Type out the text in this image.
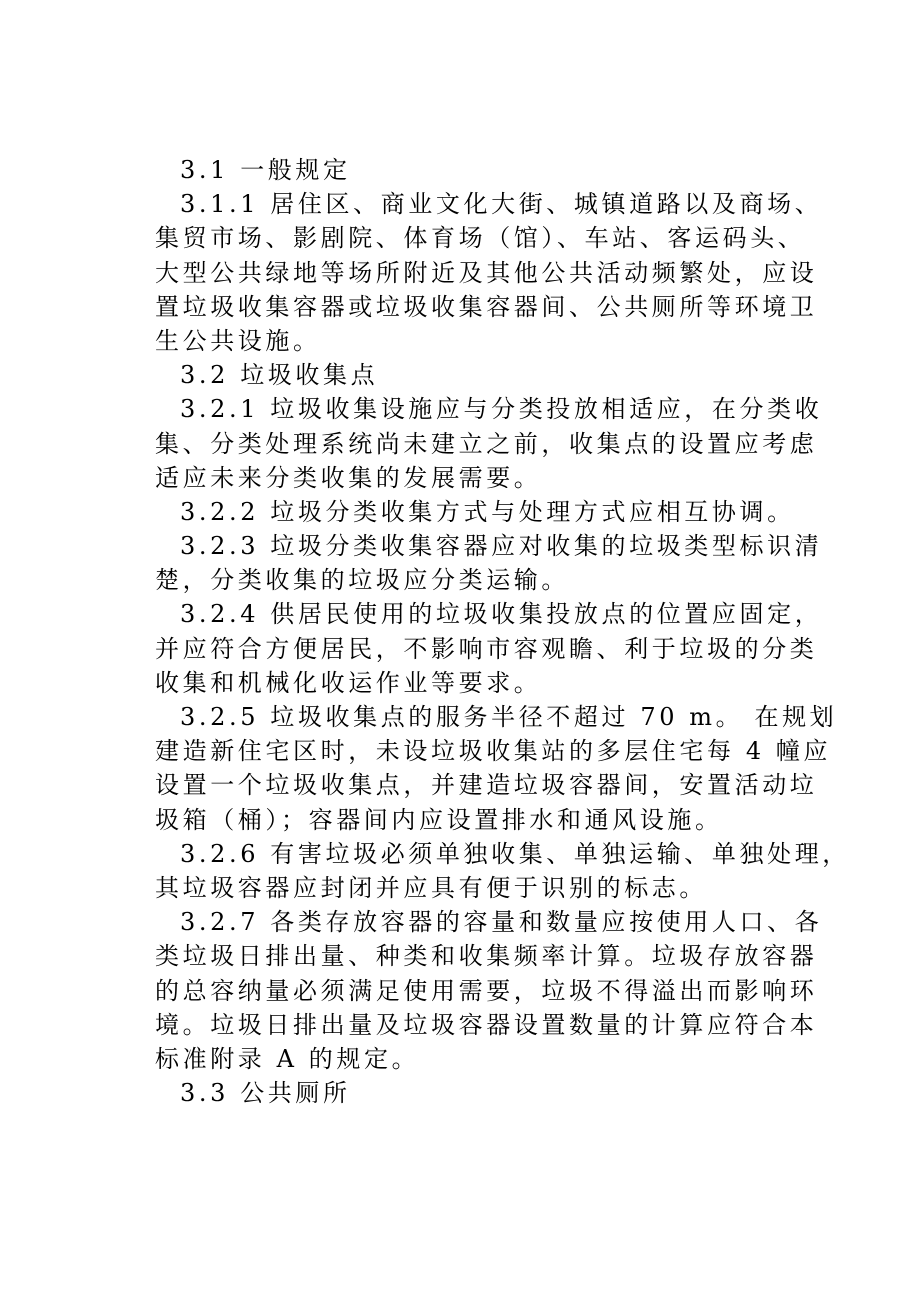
3.1 一般规定
3.1.1 居住区、商业文化大街、城镇道路以及商场、
集贸市场、影剧院、体育场（馆）、车站、客运码头、
大型公共绿地等场所附近及其他公共活动频繁处，应设
置垃圾收集容器或垃圾收集容器间、公共厕所等环境卫
生公共设施。
3.2 垃圾收集点
3.2.1 垃圾收集设施应与分类投放相适应，在分类收
集、分类处理系统尚未建立之前，收集点的设置应考虑
适应未来分类收集的发展需要。
3.2.2 垃圾分类收集方式与处理方式应相互协调。
3.2.3 垃圾分类收集容器应对收集的垃圾类型标识清
楚，分类收集的垃圾应分类运输。
3.2.4 供居民使用的垃圾收集投放点的位置应固定，
并应符合方便居民，不影响市容观瞻、利于垃圾的分类
收集和机械化收运作业等要求。
3.2.5 垃圾收集点的服务半径不超过 70 m。 在规划
建造新住宅区时，未设垃圾收集站的多层住宅每 4 幢应
设置一个垃圾收集点，并建造垃圾容器间，安置活动垃
圾箱（桶）；容器间内应设置排水和通风设施。
3.2.6 有害垃圾必须单独收集、单独运输、单独处理，
其垃圾容器应封闭并应具有便于识别的标志。
3.2.7 各类存放容器的容量和数量应按使用人口、各
类垃圾日排出量、种类和收集频率计算。垃圾存放容器
的总容纳量必须满足使用需要，垃圾不得溢出而影响环
境。垃圾日排出量及垃圾容器设置数量的计算应符合本
标准附录 A 的规定。
3.3 公共厕所
